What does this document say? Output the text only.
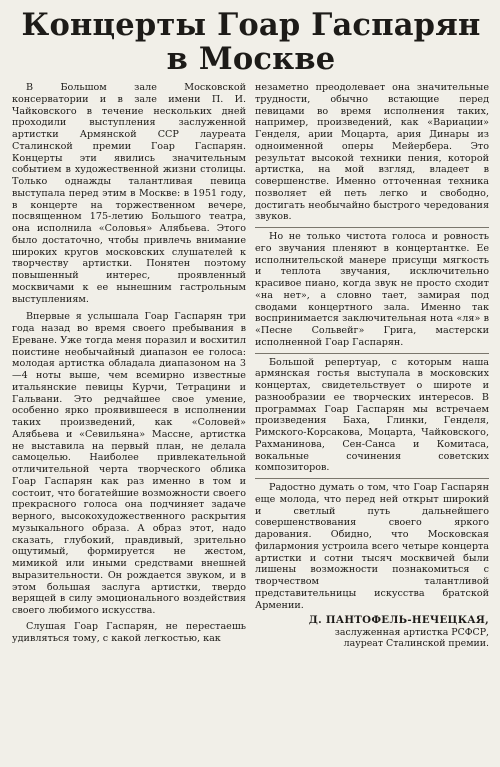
Концерты Гоар Гаспарян
в Москве

В Большом зале Московской консерватории и в зале имени П. И. Чайковского в течение нескольких дней проходили выступления заслуженной артистки Армянской ССР лауреата Сталинской премии Гоар Гаспарян. Концерты эти явились значительным событием в художественной жизни столицы. Только однажды талантливая певица выступала перед этим в Москве: в 1951 году, в концерте на торжественном вечере, посвященном 175-летию Большого театра, она исполнила «Соловья» Алябьева. Этого было достаточно, чтобы привлечь внимание широких кругов московских слушателей к творчеству артистки. Понятен поэтому повышенный интерес, проявленный москвичами к ее нынешним гастрольным выступлениям.

Впервые я услышала Гоар Гаспарян три года назад во время своего пребывания в Ереване. Уже тогда меня поразил и восхитил поистине необычайный диапазон ее голоса: молодая артистка обладала диапазоном на 3—4 ноты выше, чем всемирно известные итальянские певицы Курчи, Тетрацини и Гальвани. Это редчайшее свое умение, особенно ярко проявившееся в исполнении таких произведений, как «Соловей» Алябьева и «Севильяна» Массне, артистка не выставила на первый план, не делала самоцелью. Наиболее привлекательной отличительной черта творческого облика Гоар Гаспарян как раз именно в том и состоит, что богатейшие возможности своего прекрасного голоса она подчиняет задаче верного, высокохудожественного раскрытия музыкального образа. А образ этот, надо сказать, глубокий, правдивый, зрительно ощутимый, формируется не жестом, мимикой или иными средствами внешней выразительности. Он рождается звуком, и в этом большая заслуга артистки, твердо верящей в силу эмоционального воздействия своего любимого искусства.

Слушая Гоар Гаспарян, не перестаешь удивляться тому, с какой легкостью, как

незаметно преодолевает она значительные трудности, обычно встающие перед певицами во время исполнения таких, например, произведений, как «Вариации» Генделя, арии Моцарта, ария Динары из одноименной оперы Мейербера. Это результат высокой техники пения, которой артистка, на мой взгляд, владеет в совершенстве. Именно отточенная техника позволяет ей петь легко и свободно, достигать необычайно быстрого чередования звуков.

Но не только чистота голоса и ровность его звучания пленяют в концертантке. Ее исполнительской манере присущи мягкость и теплота звучания, исключительно красивое пиано, когда звук не просто сходит «на нет», а словно тает, замирая под сводами концертного зала. Именно так воспринимается заключительная нота «ля» в «Песне Сольвейг» Грига, мастерски исполненной Гоар Гаспарян.

Большой репертуар, с которым наша армянская гостья выступала в московских концертах, свидетельствует о широте и разнообразии ее творческих интересов. В программах Гоар Гаспарян мы встречаем произведения Баха, Глинки, Генделя, Римского-Корсакова, Моцарта, Чайковского, Рахманинова, Сен-Санса и Комитаса, вокальные сочинения советских композиторов.

Радостно думать о том, что Гоар Гаспарян еще молода, что перед ней открыт широкий и светлый путь дальнейшего совершенствования своего яркого дарования. Обидно, что Московская филармония устроила всего четыре концерта артистки и сотни тысяч москвичей были лишены возможности познакомиться с творчеством талантливой представительницы искусства братской Армении.

Д. ПАНТОФЕЛЬ-НЕЧЕЦКАЯ,
заслуженная артистка РСФСР,
лауреат Сталинской премии.
